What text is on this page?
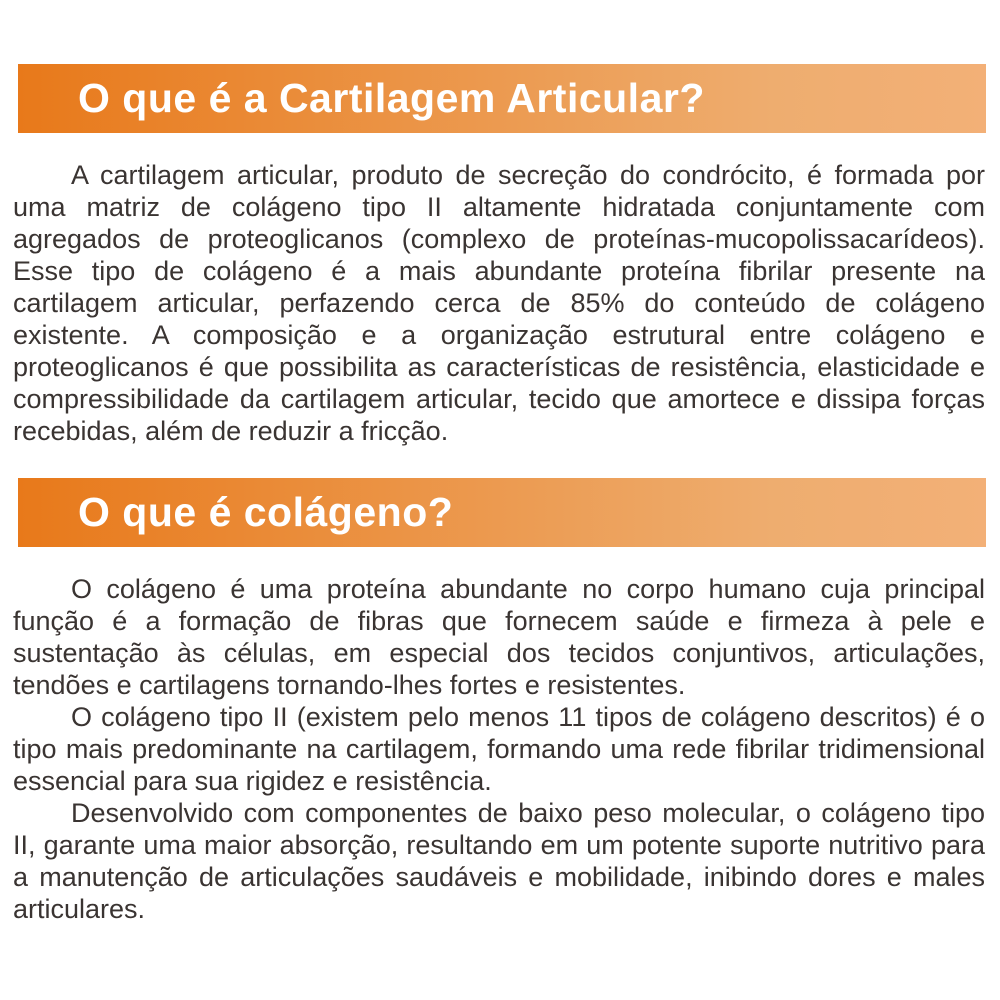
O que é a Cartilagem Articular?

A cartilagem articular, produto de secreção do condrócito, é formada por uma matriz de colágeno tipo II altamente hidratada conjuntamente com agregados de proteoglicanos (complexo de proteínas-mucopolissacarídeos). Esse tipo de colágeno é a mais abundante proteína fibrilar presente na cartilagem articular, perfazendo cerca de 85% do conteúdo de colágeno existente. A composição e a organização estrutural entre colágeno e proteoglicanos é que possibilita as características de resistência, elasticidade e compressibilidade da cartilagem articular, tecido que amortece e dissipa forças recebidas, além de reduzir a fricção.

O que é colágeno?

O colágeno é uma proteína abundante no corpo humano cuja principal função é a formação de fibras que fornecem saúde e firmeza à pele e sustentação às células, em especial dos tecidos conjuntivos, articulações, tendões e cartilagens tornando-lhes fortes e resistentes.

O colágeno tipo II (existem pelo menos 11 tipos de colágeno descritos) é o tipo mais predominante na cartilagem, formando uma rede fibrilar tridimensional essencial para sua rigidez e resistência.

Desenvolvido com componentes de baixo peso molecular, o colágeno tipo II, garante uma maior absorção, resultando em um potente suporte nutritivo para a manutenção de articulações saudáveis e mobilidade, inibindo dores e males articulares.
